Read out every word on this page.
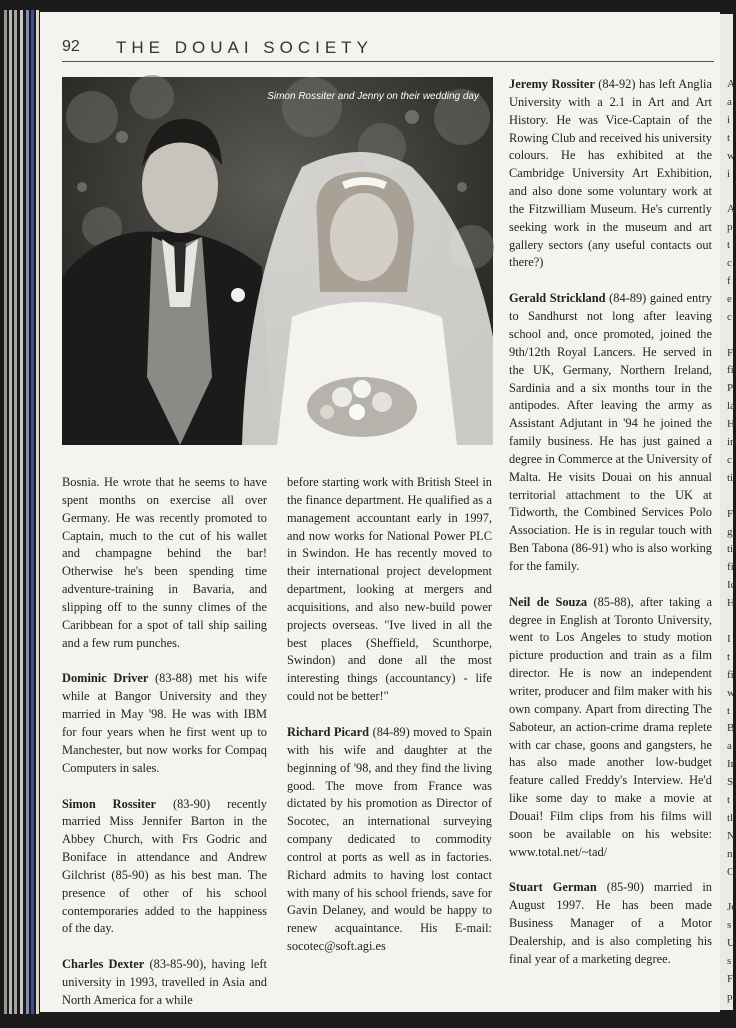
A
a
i
t
w
i
A
p
t
c
f
e
c
F
fi
P
la
H
in
c
ti
F
g
ti
fi
Ic
H
I
t
fi
w
t
B
a
Ir
S
t
tl
N
n
C
Je
s
U
s
F
p
92 THE DOUAI SOCIETY
Simon Rossiter and Jenny on their wedding day

Bosnia. He wrote that he seems to have spent months on exercise all over Germany. He was recently promoted to Captain, much to the cut of his wallet and champagne behind the bar! Otherwise he's been spending time adventure-training in Bavaria, and slipping off to the sunny climes of the Caribbean for a spot of tall ship sailing and a few rum punches.

Dominic Driver (83-88) met his wife while at Bangor University and they married in May '98. He was with IBM for four years when he first went up to Manchester, but now works for Compaq Computers in sales.

Simon Rossiter (83-90) recently married Miss Jennifer Barton in the Abbey Church, with Frs Godric and Boniface in attendance and Andrew Gilchrist (85-90) as his best man. The presence of other of his school contemporaries added to the happiness of the day.

Charles Dexter (83-85-90), having left university in 1993, travelled in Asia and North America for a while

before starting work with British Steel in the finance department. He qualified as a management accountant early in 1997, and now works for National Power PLC in Swindon. He has recently moved to their international project development department, looking at mergers and acquisitions, and also new-build power projects overseas. "Ive lived in all the best places (Sheffield, Scunthorpe, Swindon) and done all the most interesting things (accountancy) - life could not be better!"

Richard Picard (84-89) moved to Spain with his wife and daughter at the beginning of '98, and they find the living good. The move from France was dictated by his promotion as Director of Socotec, an international surveying company dedicated to commodity control at ports as well as in factories. Richard admits to having lost contact with many of his school friends, save for Gavin Delaney, and would be happy to renew acquaintance. His E-mail: socotec@soft.agi.es

Jeremy Rossiter (84-92) has left Anglia University with a 2.1 in Art and Art History. He was Vice-Captain of the Rowing Club and received his university colours. He has exhibited at the Cambridge University Art Exhibition, and also done some voluntary work at the Fitzwilliam Museum. He's currently seeking work in the museum and art gallery sectors (any useful contacts out there?)

Gerald Strickland (84-89) gained entry to Sandhurst not long after leaving school and, once promoted, joined the 9th/12th Royal Lancers. He served in the UK, Germany, Northern Ireland, Sardinia and a six months tour in the antipodes. After leaving the army as Assistant Adjutant in '94 he joined the family business. He has just gained a degree in Commerce at the University of Malta. He visits Douai on his annual territorial attachment to the UK at Tidworth, the Combined Services Polo Association. He is in regular touch with Ben Tabona (86-91) who is also working for the family.

Neil de Souza (85-88), after taking a degree in English at Toronto University, went to Los Angeles to study motion picture production and train as a film director. He is now an independent writer, producer and film maker with his own company. Apart from directing The Saboteur, an action-crime drama replete with car chase, goons and gangsters, he has also made another low-budget feature called Freddy's Interview. He'd like some day to make a movie at Douai! Film clips from his films will soon be available on his website: www.total.net/~tad/

Stuart German (85-90) married in August 1997. He has been made Business Manager of a Motor Dealership, and is also completing his final year of a marketing degree.
